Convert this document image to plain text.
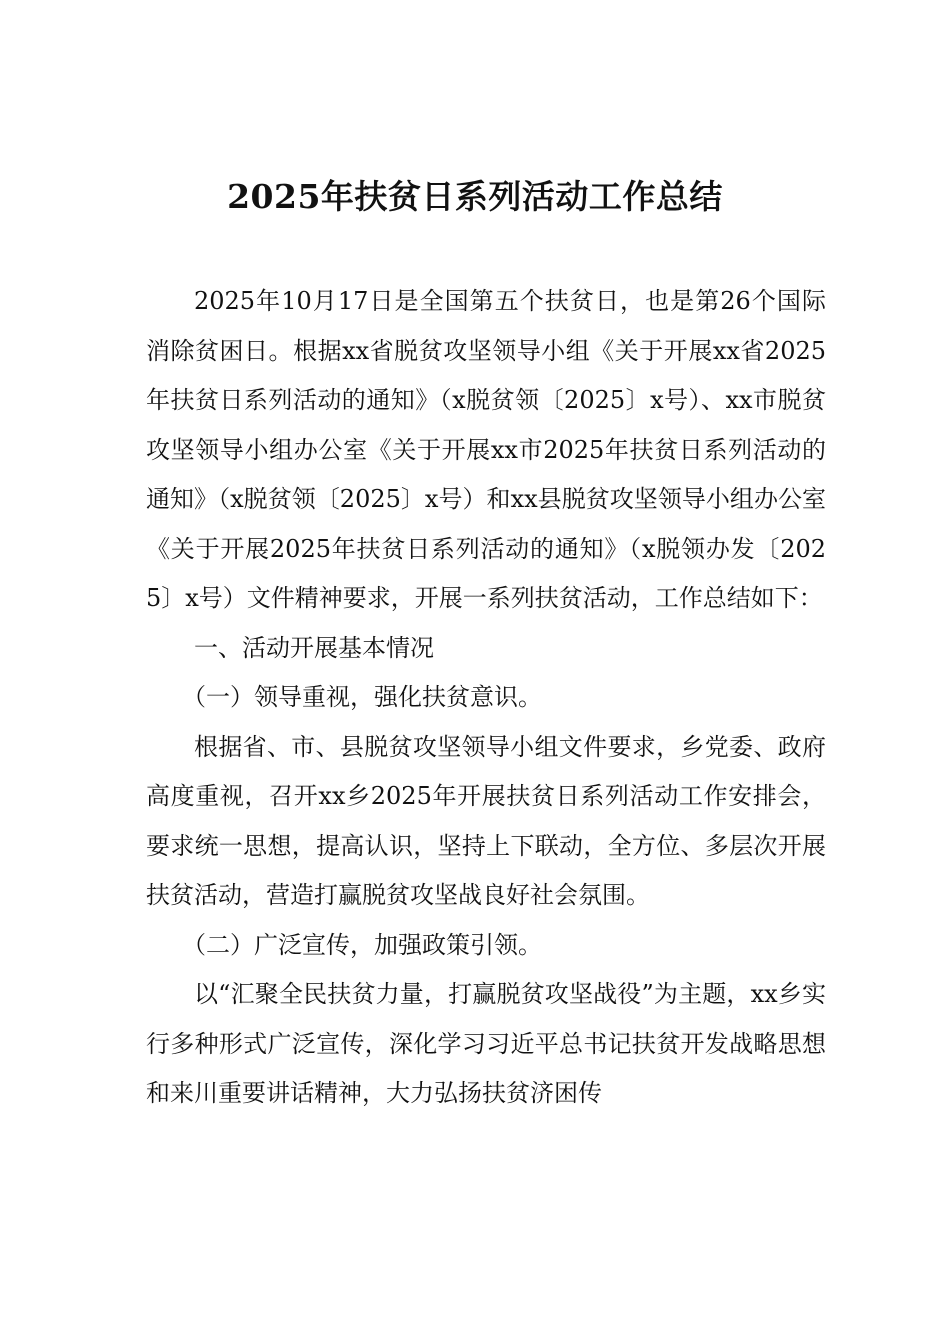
2025年扶贫日系列活动工作总结

2025年10月17日是全国第五个扶贫日，也是第26个国际消除贫困日。根据xx省脱贫攻坚领导小组《关于开展xx省2025年扶贫日系列活动的通知》（x脱贫领〔2025〕x号）、xx市脱贫攻坚领导小组办公室《关于开展xx市2025年扶贫日系列活动的通知》（x脱贫领〔2025〕x号）和xx县脱贫攻坚领导小组办公室《关于开展2025年扶贫日系列活动的通知》（x脱领办发〔2025〕x号）文件精神要求，开展一系列扶贫活动，工作总结如下：

一、活动开展基本情况

（一）领导重视，强化扶贫意识。

根据省、市、县脱贫攻坚领导小组文件要求，乡党委、政府高度重视，召开xx乡2025年开展扶贫日系列活动工作安排会，要求统一思想，提高认识，坚持上下联动，全方位、多层次开展扶贫活动，营造打赢脱贫攻坚战良好社会氛围。

（二）广泛宣传，加强政策引领。

以“汇聚全民扶贫力量，打赢脱贫攻坚战役”为主题，xx乡实行多种形式广泛宣传，深化学习习近平总书记扶贫开发战略思想和来川重要讲话精神，大力弘扬扶贫济困传
